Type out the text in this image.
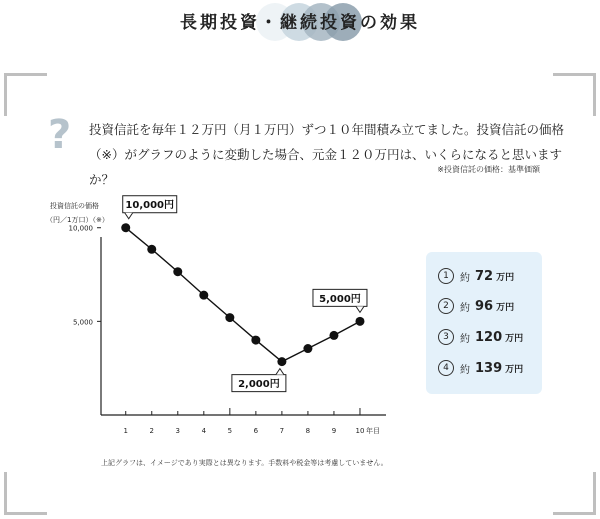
長期投資・継続投資の効果
? 投資信託を毎年１２万円（月１万円）ずつ１０年間積み立てました。投資信託の価格（※）がグラフのように変動した場合、元金１２０万円は、いくらになると思いますか？
※投資信託の価格：基準価額
投資信託の価格
（円／1万口）（※）
10,000
5,000
1	2	3	4	5	6	7	8	9	10 年目
10,000円
2,000円
5,000円
1	約 72 万円
2	約 96 万円
3	約 120 万円
4	約 139 万円
上記グラフは、イメージであり実際とは異なります。手数料や税金等は考慮していません。
